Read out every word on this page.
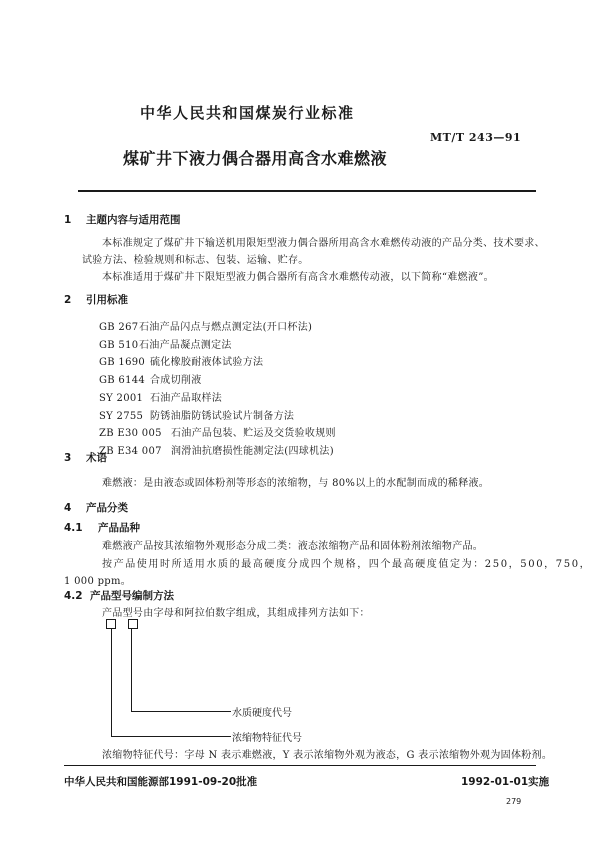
中华人民共和国煤炭行业标准
MT/T 243—91
煤矿井下液力偶合器用高含水难燃液
1 主题内容与适用范围
本标准规定了煤矿井下输送机用限矩型液力偶合器所用高含水难燃传动液的产品分类、技术要求、
试验方法、检验规则和标志、包装、运输、贮存。
本标准适用于煤矿井下限矩型液力偶合器所有高含水难燃传动液，以下简称“难燃液”。
2 引用标准
GB 267石油产品闪点与燃点测定法(开口杯法)
GB 510石油产品凝点测定法
GB 1690 硫化橡胶耐液体试验方法
GB 6144 合成切削液
SY 2001 石油产品取样法
SY 2755 防锈油脂防锈试验试片制备方法
ZB E30 005 石油产品包装、贮运及交货验收规则
ZB E34 007 润滑油抗磨损性能测定法(四球机法)
3 术语
难燃液：是由液态或固体粉剂等形态的浓缩物，与 80%以上的水配制而成的稀释液。
4 产品分类
4.1 产品品种
难燃液产品按其浓缩物外观形态分成二类：液态浓缩物产品和固体粉剂浓缩物产品。
按产品使用时所适用水质的最高硬度分成四个规格，四个最高硬度值定为：250，500，750，
1 000 ppm。
4.2 产品型号编制方法
产品型号由字母和阿拉伯数字组成，其组成排列方法如下：
水质硬度代号
浓缩物特征代号
浓缩物特征代号：字母 N 表示难燃液，Y 表示浓缩物外观为液态，G 表示浓缩物外观为固体粉剂。
中华人民共和国能源部1991-09-20批准	1992-01-01实施
279
